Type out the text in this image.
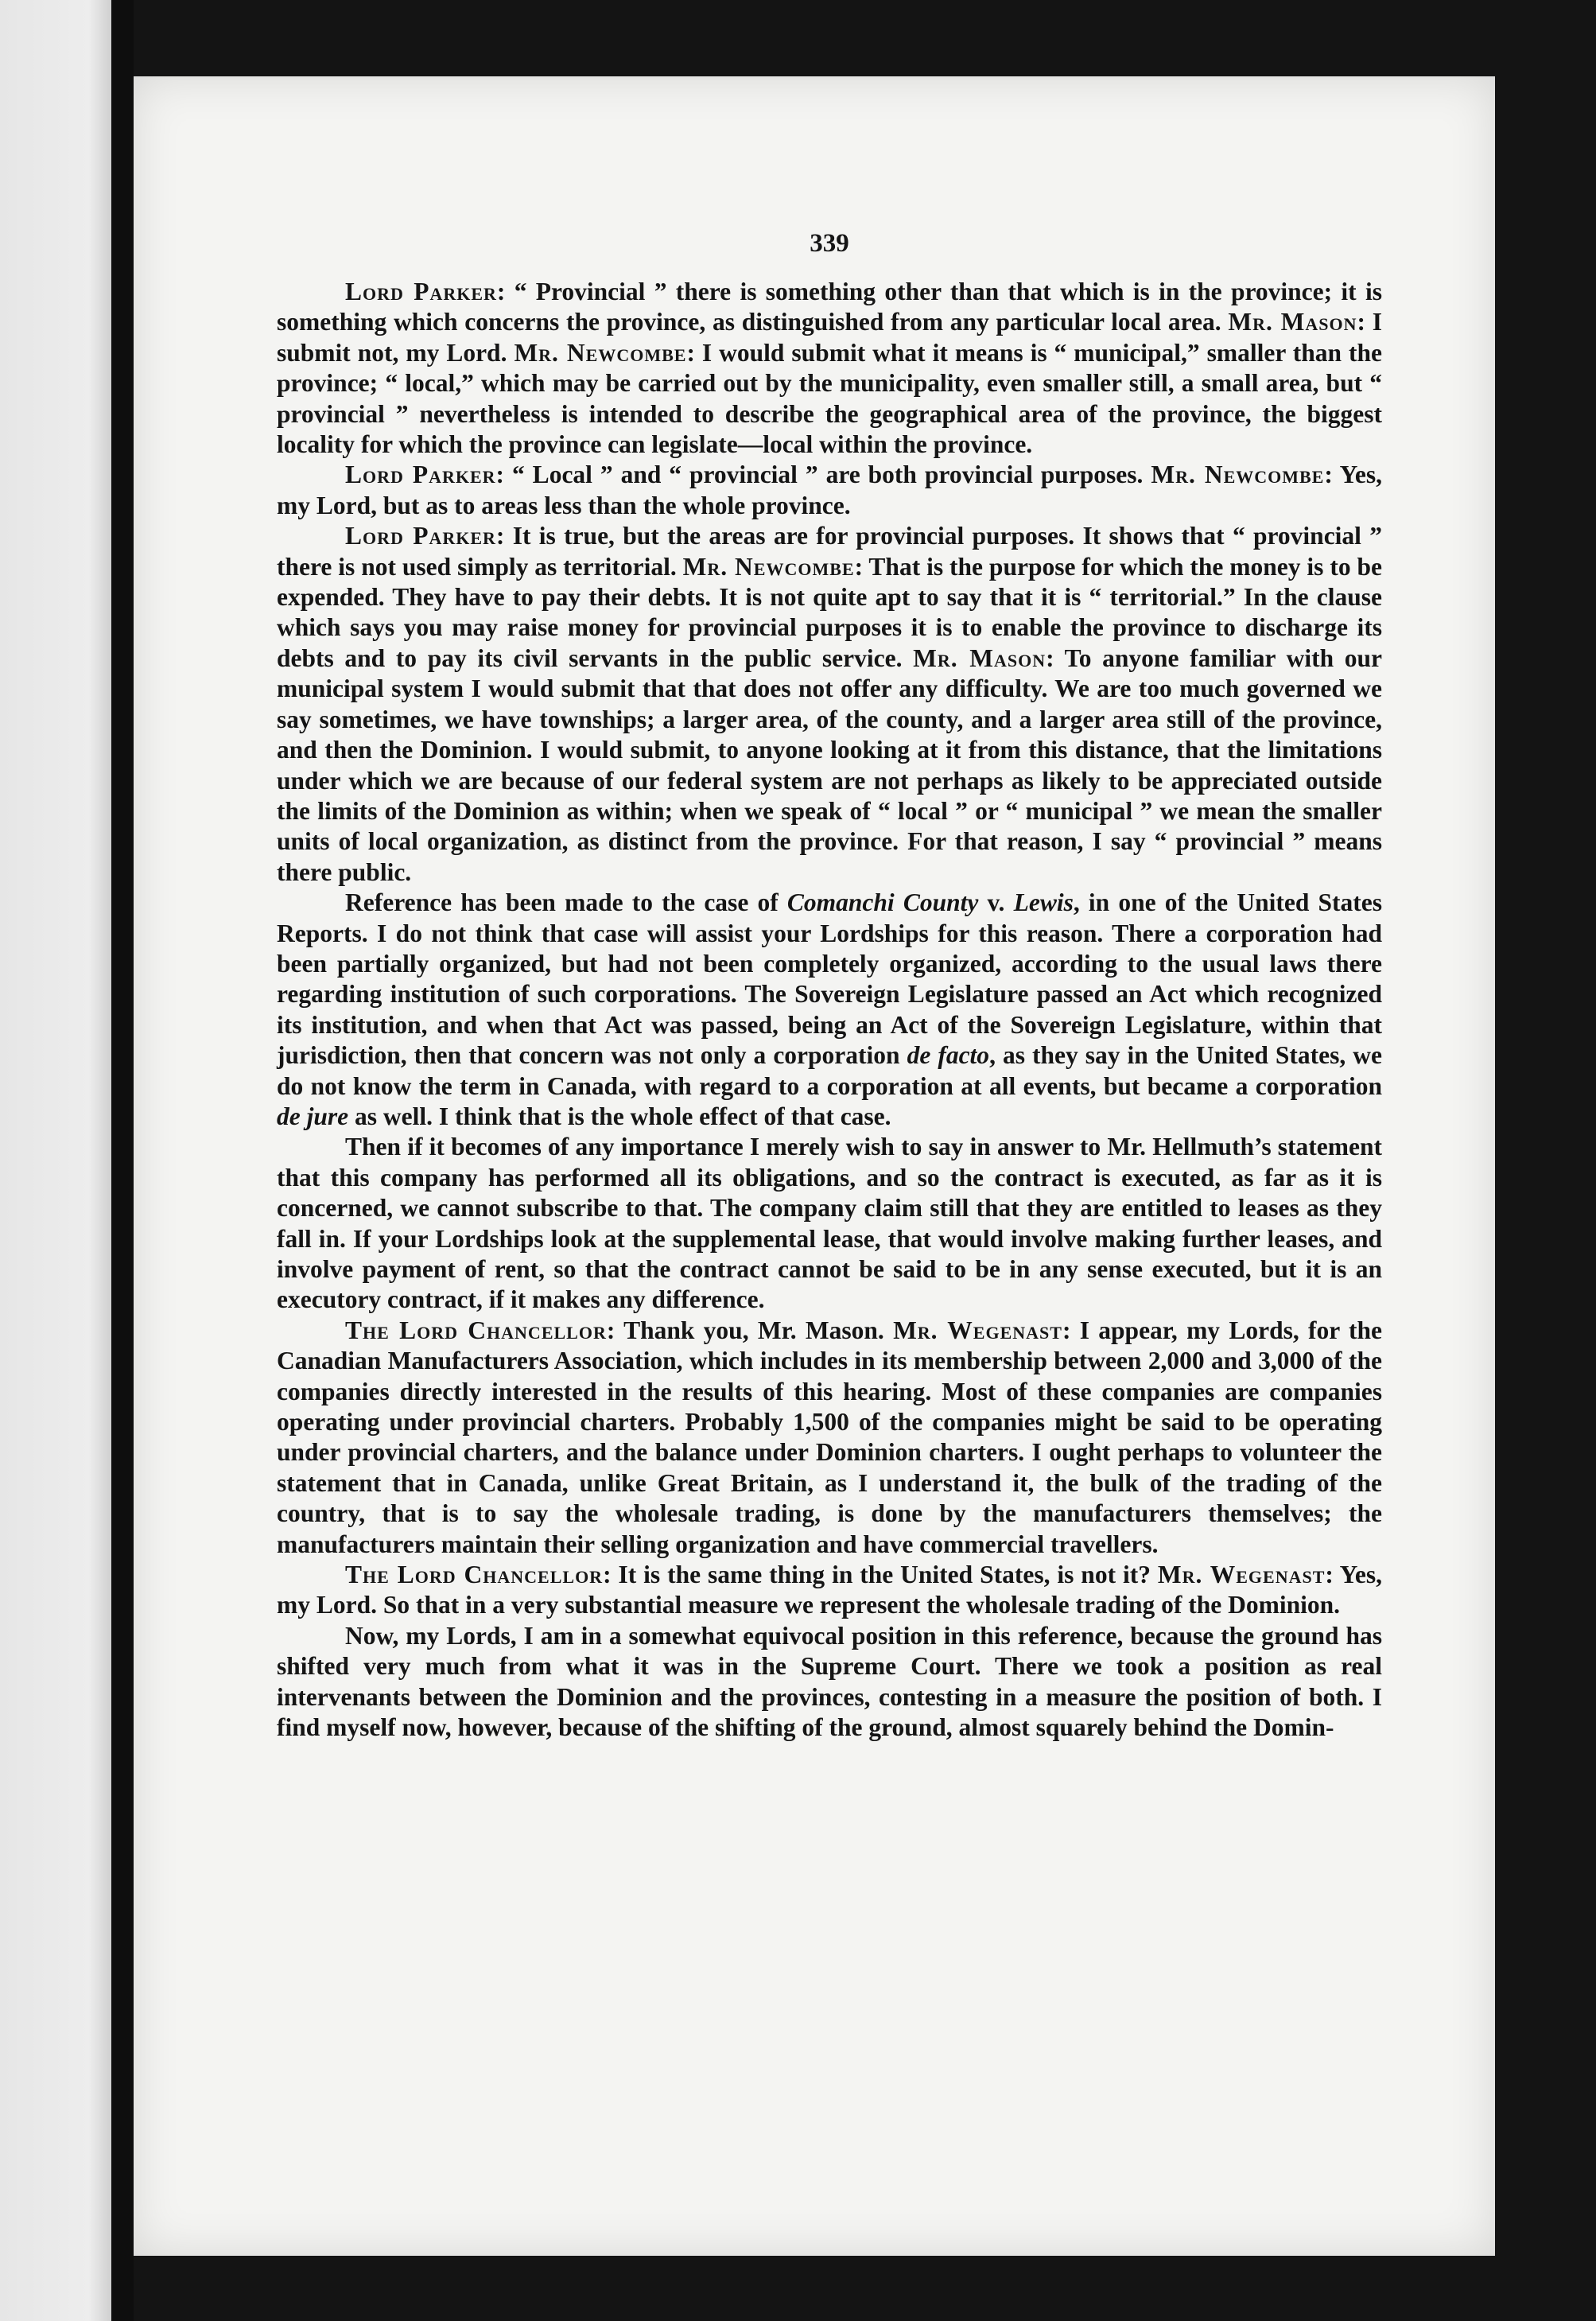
339

Lord Parker: “ Provincial ” there is something other than that which is in the province; it is something which concerns the province, as distinguished from any particular local area. Mr. Mason: I submit not, my Lord. Mr. Newcombe: I would submit what it means is “ municipal,” smaller than the province; “ local,” which may be carried out by the municipality, even smaller still, a small area, but “ provincial ” nevertheless is intended to describe the geographical area of the province, the biggest locality for which the province can legislate—local within the province.

Lord Parker: “ Local ” and “ provincial ” are both provincial purposes. Mr. Newcombe: Yes, my Lord, but as to areas less than the whole province.

Lord Parker: It is true, but the areas are for provincial purposes. It shows that “ provincial ” there is not used simply as territorial. Mr. Newcombe: That is the purpose for which the money is to be expended. They have to pay their debts. It is not quite apt to say that it is “ territorial.” In the clause which says you may raise money for provincial purposes it is to enable the province to discharge its debts and to pay its civil servants in the public service. Mr. Mason: To anyone familiar with our municipal system I would submit that that does not offer any difficulty. We are too much governed we say sometimes, we have townships; a larger area, of the county, and a larger area still of the province, and then the Dominion. I would submit, to anyone looking at it from this distance, that the limitations under which we are because of our federal system are not perhaps as likely to be appreciated outside the limits of the Dominion as within; when we speak of “ local ” or “ municipal ” we mean the smaller units of local organization, as distinct from the province. For that reason, I say “ provincial ” means there public.

Reference has been made to the case of Comanchi County v. Lewis, in one of the United States Reports. I do not think that case will assist your Lordships for this reason. There a corporation had been partially organized, but had not been completely organized, according to the usual laws there regarding institution of such corporations. The Sovereign Legislature passed an Act which recognized its institution, and when that Act was passed, being an Act of the Sovereign Legislature, within that jurisdiction, then that concern was not only a corporation de facto, as they say in the United States, we do not know the term in Canada, with regard to a corporation at all events, but became a corporation de jure as well. I think that is the whole effect of that case.

Then if it becomes of any importance I merely wish to say in answer to Mr. Hellmuth’s statement that this company has performed all its obligations, and so the contract is executed, as far as it is concerned, we cannot subscribe to that. The company claim still that they are entitled to leases as they fall in. If your Lordships look at the supplemental lease, that would involve making further leases, and involve payment of rent, so that the contract cannot be said to be in any sense executed, but it is an executory contract, if it makes any difference.

The Lord Chancellor: Thank you, Mr. Mason. Mr. Wegenast: I appear, my Lords, for the Canadian Manufacturers Association, which includes in its membership between 2,000 and 3,000 of the companies directly interested in the results of this hearing. Most of these companies are companies operating under provincial charters. Probably 1,500 of the companies might be said to be operating under provincial charters, and the balance under Dominion charters. I ought perhaps to volunteer the statement that in Canada, unlike Great Britain, as I understand it, the bulk of the trading of the country, that is to say the wholesale trading, is done by the manufacturers themselves; the manufacturers maintain their selling organization and have commercial travellers.

The Lord Chancellor: It is the same thing in the United States, is not it? Mr. Wegenast: Yes, my Lord. So that in a very substantial measure we represent the wholesale trading of the Dominion.

Now, my Lords, I am in a somewhat equivocal position in this reference, because the ground has shifted very much from what it was in the Supreme Court. There we took a position as real intervenants between the Dominion and the provinces, contesting in a measure the position of both. I find myself now, however, because of the shifting of the ground, almost squarely behind the Domin-
